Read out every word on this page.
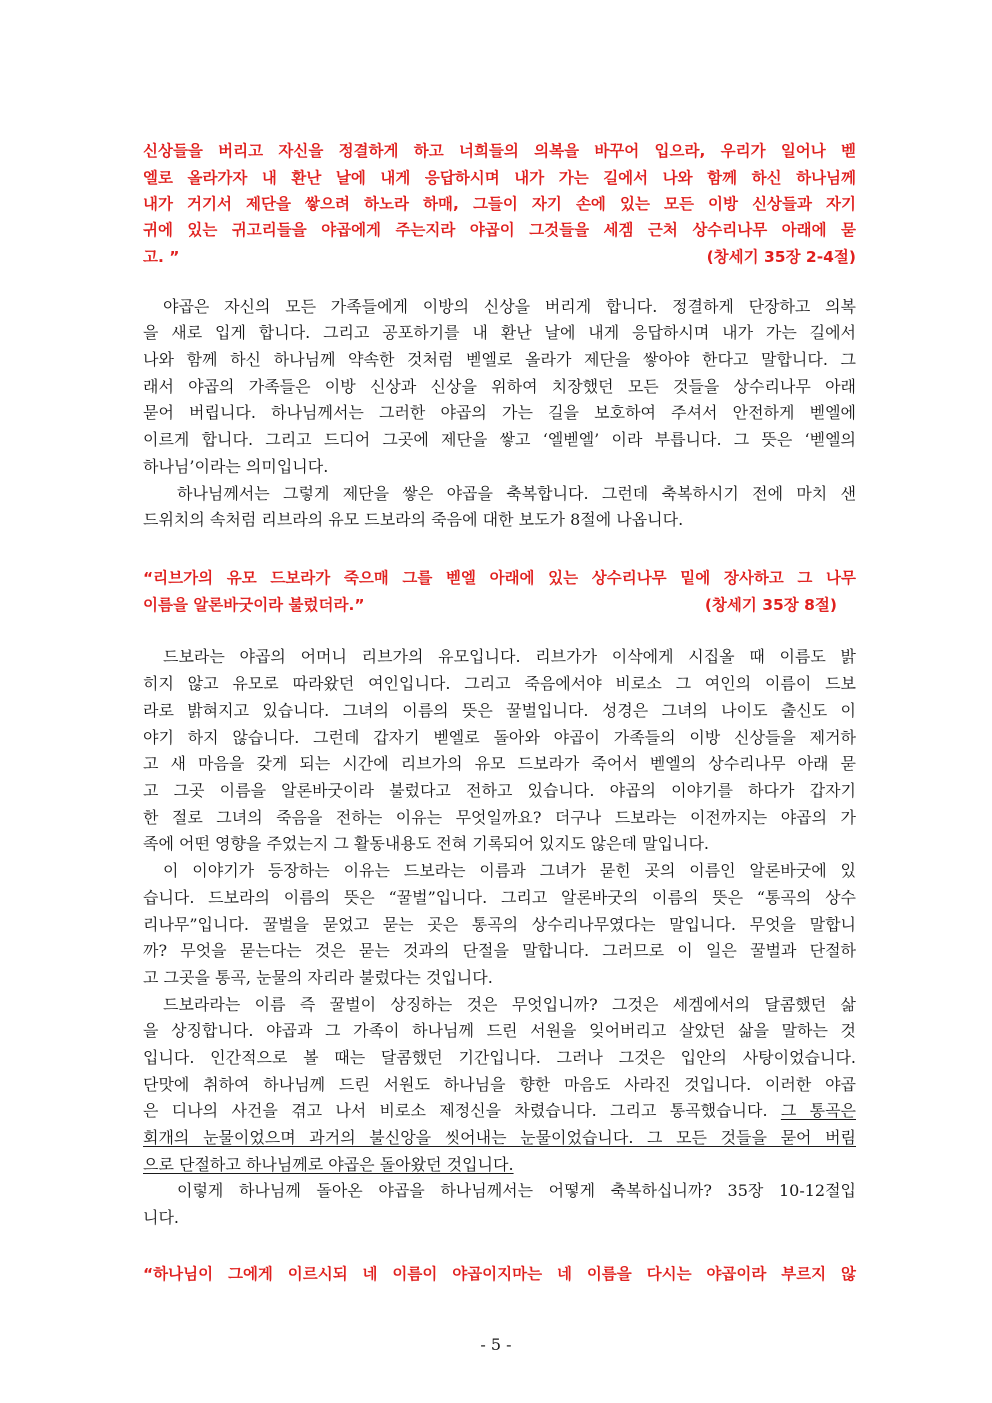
신상들을 버리고 자신을 정결하게 하고 너희들의 의복을 바꾸어 입으라, 우리가 일어나 벧
엘로 올라가자 내 환난 날에 내게 응답하시며 내가 가는 길에서 나와 함께 하신 하나님께
내가 거기서 제단을 쌓으려 하노라 하매, 그들이 자기 손에 있는 모든 이방 신상들과 자기
귀에 있는 귀고리들을 야곱에게 주는지라 야곱이 그것들을 세겜 근처 상수리나무 아래에 묻
고. ”	(창세기 35장 2-4절)
야곱은 자신의 모든 가족들에게 이방의 신상을 버리게 합니다. 정결하게 단장하고 의복
을 새로 입게 합니다. 그리고 공포하기를 내 환난 날에 내게 응답하시며 내가 가는 길에서
나와 함께 하신 하나님께 약속한 것처럼 벧엘로 올라가 제단을 쌓아야 한다고 말합니다. 그
래서 야곱의 가족들은 이방 신상과 신상을 위하여 치장했던 모든 것들을 상수리나무 아래
묻어 버립니다. 하나님께서는 그러한 야곱의 가는 길을 보호하여 주셔서 안전하게 벧엘에
이르게 합니다. 그리고 드디어 그곳에 제단을 쌓고 ‘엘벧엘’ 이라 부릅니다. 그 뜻은 ‘벧엘의
하나님’이라는 의미입니다.
하나님께서는 그렇게 제단을 쌓은 야곱을 축복합니다. 그런데 축복하시기 전에 마치 샌
드위치의 속처럼 리브라의 유모 드보라의 죽음에 대한 보도가 8절에 나옵니다.
“리브가의 유모 드보라가 죽으매 그를 벧엘 아래에 있는 상수리나무 밑에 장사하고 그 나무
이름을 알론바굿이라 불렀더라.”	(창세기 35장 8절)
드보라는 야곱의 어머니 리브가의 유모입니다. 리브가가 이삭에게 시집올 때 이름도 밝
히지 않고 유모로 따라왔던 여인입니다. 그리고 죽음에서야 비로소 그 여인의 이름이 드보
라로 밝혀지고 있습니다. 그녀의 이름의 뜻은 꿀벌입니다. 성경은 그녀의 나이도 출신도 이
야기 하지 않습니다. 그런데 갑자기 벧엘로 돌아와 야곱이 가족들의 이방 신상들을 제거하
고 새 마음을 갖게 되는 시간에 리브가의 유모 드보라가 죽어서 벧엘의 상수리나무 아래 묻
고 그곳 이름을 알론바굿이라 불렀다고 전하고 있습니다. 야곱의 이야기를 하다가 갑자기
한 절로 그녀의 죽음을 전하는 이유는 무엇일까요? 더구나 드보라는 이전까지는 야곱의 가
족에 어떤 영향을 주었는지 그 활동내용도 전혀 기록되어 있지도 않은데 말입니다.
이 이야기가 등장하는 이유는 드보라는 이름과 그녀가 묻힌 곳의 이름인 알론바굿에 있
습니다. 드보라의 이름의 뜻은 “꿀벌”입니다. 그리고 알론바굿의 이름의 뜻은 “통곡의 상수
리나무”입니다. 꿀벌을 묻었고 묻는 곳은 통곡의 상수리나무였다는 말입니다. 무엇을 말합니
까? 무엇을 묻는다는 것은 묻는 것과의 단절을 말합니다. 그러므로 이 일은 꿀벌과 단절하
고 그곳을 통곡, 눈물의 자리라 불렀다는 것입니다.
드보라라는 이름 즉 꿀벌이 상징하는 것은 무엇입니까? 그것은 세겜에서의 달콤했던 삶
을 상징합니다. 야곱과 그 가족이 하나님께 드린 서원을 잊어버리고 살았던 삶을 말하는 것
입니다. 인간적으로 볼 때는 달콤했던 기간입니다. 그러나 그것은 입안의 사탕이었습니다.
단맛에 취하여 하나님께 드린 서원도 하나님을 향한 마음도 사라진 것입니다. 이러한 야곱
은 디나의 사건을 겪고 나서 비로소 제정신을 차렸습니다. 그리고 통곡했습니다. 그 통곡은
회개의 눈물이었으며 과거의 불신앙을 씻어내는 눈물이었습니다. 그 모든 것들을 묻어 버림
으로 단절하고 하나님께로 야곱은 돌아왔던 것입니다.
이렇게 하나님께 돌아온 야곱을 하나님께서는 어떻게 축복하십니까? 35장 10-12절입
니다.
“하나님이 그에게 이르시되 네 이름이 야곱이지마는 네 이름을 다시는 야곱이라 부르지 않
- 5 -
